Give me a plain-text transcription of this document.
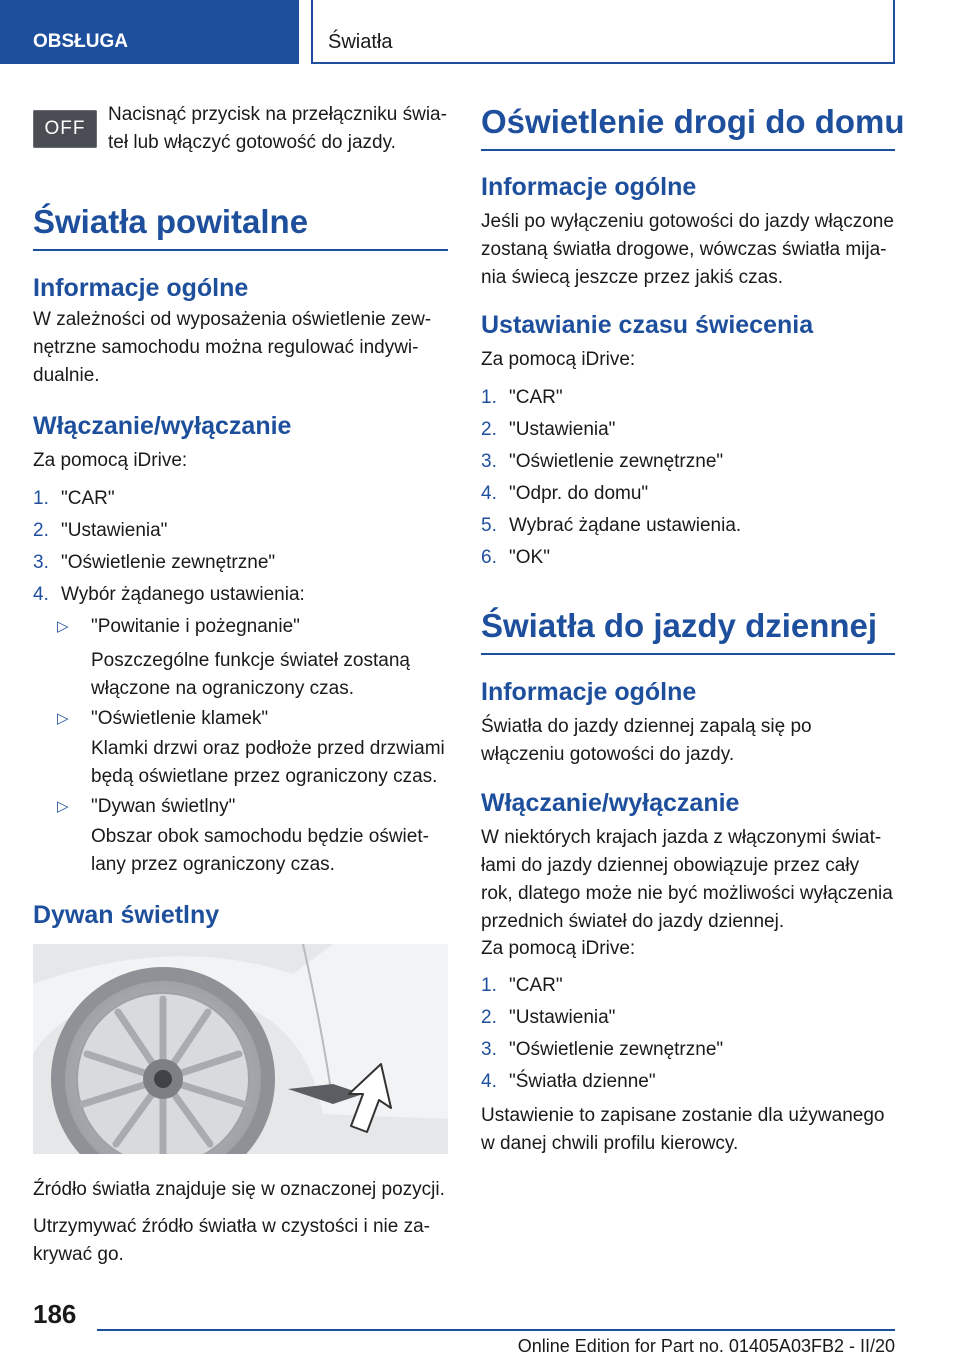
OBSŁUGA	Światła
OFF
Nacisnąć przycisk na przełączniku świa-teł lub włączyć gotowość do jazdy.
Światła powitalne
Informacje ogólne
W zależności od wyposażenia oświetlenie zew-nętrzne samochodu można regulować indywi-dualnie.
Włączanie/wyłączanie
Za pomocą iDrive:
1. "CAR"
2. "Ustawienia"
3. "Oświetlenie zewnętrzne"
4. Wybór żądanego ustawienia:
▷ "Powitanie i pożegnanie"
Poszczególne funkcje świateł zostaną włączone na ograniczony czas.
▷ "Oświetlenie klamek"
Klamki drzwi oraz podłoże przed drzwiami będą oświetlane przez ograniczony czas.
▷ "Dywan świetlny"
Obszar obok samochodu będzie oświet-lany przez ograniczony czas.
Dywan świetlny
Źródło światła znajduje się w oznaczonej pozycji.
Utrzymywać źródło światła w czystości i nie za-krywać go.
Oświetlenie drogi do domu
Informacje ogólne
Jeśli po wyłączeniu gotowości do jazdy włączone zostaną światła drogowe, wówczas światła mija-nia świecą jeszcze przez jakiś czas.
Ustawianie czasu świecenia
Za pomocą iDrive:
1. "CAR"
2. "Ustawienia"
3. "Oświetlenie zewnętrzne"
4. "Odpr. do domu"
5. Wybrać żądane ustawienia.
6. "OK"
Światła do jazdy dziennej
Informacje ogólne
Światła do jazdy dziennej zapalą się po włączeniu gotowości do jazdy.
Włączanie/wyłączanie
W niektórych krajach jazda z włączonymi świat-łami do jazdy dziennej obowiązuje przez cały rok, dlatego może nie być możliwości wyłączenia przednich świateł do jazdy dziennej.
Za pomocą iDrive:
1. "CAR"
2. "Ustawienia"
3. "Oświetlenie zewnętrzne"
4. "Światła dzienne"
Ustawienie to zapisane zostanie dla używanego w danej chwili profilu kierowcy.
186
Online Edition for Part no. 01405A03FB2 - II/20
